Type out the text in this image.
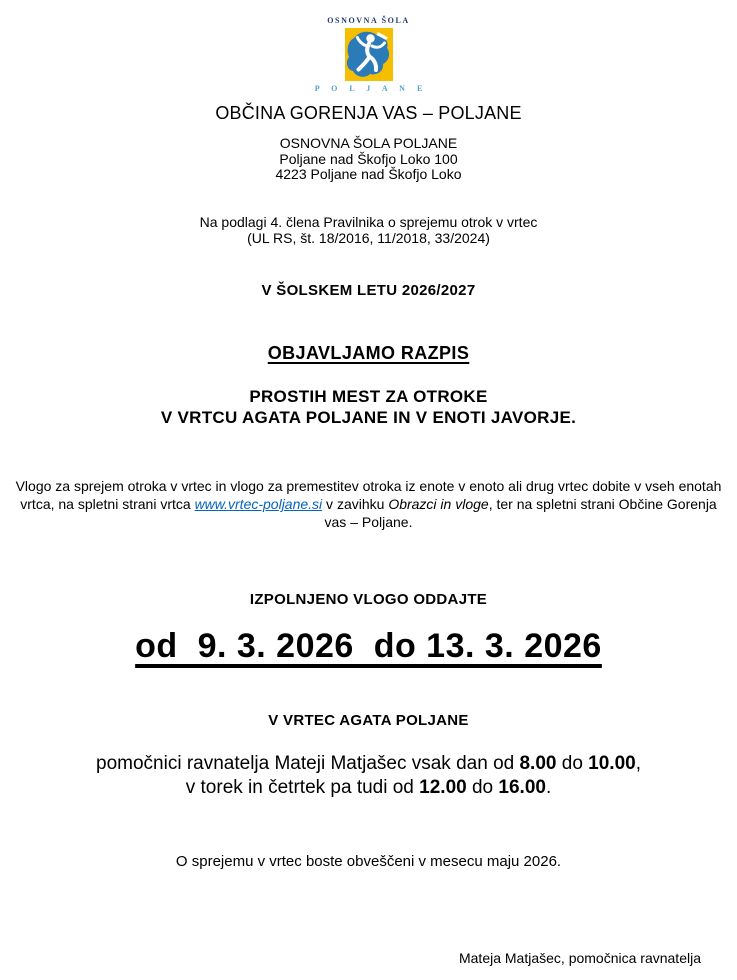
OSNOVNA ŠOLA
P O L J A N E
OBČINA GORENJA VAS – POLJANE
OSNOVNA ŠOLA POLJANE
Poljane nad Škofjo Loko 100
4223 Poljane nad Škofjo Loko
Na podlagi 4. člena Pravilnika o sprejemu otrok v vrtec
(UL RS, št. 18/2016, 11/2018, 33/2024)
V ŠOLSKEM LETU 2026/2027
OBJAVLJAMO RAZPIS
PROSTIH MEST ZA OTROKE
V VRTCU AGATA POLJANE IN V ENOTI JAVORJE.
Vlogo za sprejem otroka v vrtec in vlogo za premestitev otroka iz enote v enoto ali drug vrtec dobite v vseh enotah vrtca, na spletni strani vrtca www.vrtec-poljane.si v zavihku Obrazci in vloge, ter na spletni strani Občine Gorenja vas – Poljane.
IZPOLNJENO VLOGO ODDAJTE
od  9. 3. 2026  do 13. 3. 2026
V VRTEC AGATA POLJANE
pomočnici ravnatelja Mateji Matjašec vsak dan od 8.00 do 10.00,
v torek in četrtek pa tudi od 12.00 do 16.00.
O sprejemu v vrtec boste obveščeni v mesecu maju 2026.
Mateja Matjašec, pomočnica ravnatelja
